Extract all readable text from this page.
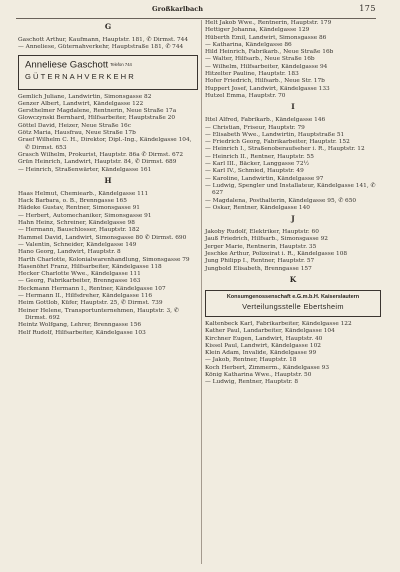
Großkarlbach	175
G
Gaschott Arthur, Kaufmann, Hauptstr. 181, ✆ Dirmst. 744
— Anneliese, Güternahverkehr, Hauptstraße 181, ✆ 744
Anneliese Gaschott Telefon 744
GÜTERNAHVERKEHR
Gemlich Juliane, Landwirtin, Simonsgasse 82
Genzer Albert, Landwirt, Kändelgasse 122
Gersthelmer Magdalene, Rentnerin, Neue Straße 17a
Glowczynski Bernhard, Hilfsarbeiter, Hauptstraße 20
Göttel David, Heizer, Neue Straße 16c
Götz Maria, Hausfrau, Neue Straße 17b
Graef Wilhelm C. H., Direktor, Dipl.-Ing., Kändelgasse 104, ✆ Dirmst. 653
Grasch Wilhelm, Prokurist, Hauptstr. 86a ✆ Dirmst. 672
Grün Heinrich, Landwirt, Hauptstr. 84, ✆ Dirmst. 689
— Heinrich, Straßenwärter, Kändelgasse 161
H
Haas Helmut, Chemiearb., Kändelgasse 111
Hack Barbara, o. B., Brenngasse 165
Hädeke Gustav, Rentner, Simonsgasse 91
— Herbert, Automechaniker, Simonsgasse 91
Hahn Heinz, Schreiner, Kändelgasse 98
— Hermann, Bauschlosser, Hauptstr. 182
Hammel David, Landwirt, Simonsgasse 80 ✆ Dirmst. 690
— Valentin, Schneider, Kändelgasse 149
Hano Georg, Landwirt, Hauptstr. 8
Harth Charlotte, Kolonialwarenhandlung, Simonsgasse 79
Hasenöhrl Franz, Hilfsarbeiter, Kändelgasse 118
Hecker Charlotte Wwe., Kändelgasse 111
— Georg, Fabrikarbeiter, Brenngasse 163
Heckmann Hermann I., Rentner, Kändelgasse 107
— Hermann II., Hilfsdreher, Kändelgasse 116
Heim Gottlob, Küfer, Hauptstr. 25, ✆ Dirmst. 739
Heiner Helene, Transportunternehmen, Hauptstr. 3, ✆ Dirmst. 692
Heintz Wolfgang, Lehrer, Brenngasse 156
Helf Rudolf, Hilfsarbeiter, Kändelgasse 103
Helt Jakob Wwe., Rentnerin, Hauptstr. 179
Hettiger Johanna, Kändelgasse 129
Hüberth Emil, Landwirt, Simonsgasse 86
— Katharina, Kändelgasse 86
Hild Heinrich, Fabrikarb., Neue Straße 16b
— Walter, Hilfsarb., Neue Straße 16b
— Wilhelm, Hilfsarbeiter, Kändelgasse 94
Hitzelter Pauline, Hauptstr. 183
Hofer Friedrich, Hilfsarb., Neue Str. 17b
Huppert Josef, Landwirt, Kändelgasse 133
Hutzel Emma, Hauptstr. 70
I
Ittel Alfred, Fabrikarb., Kändelgasse 146
— Christian, Friseur, Hauptstr. 79
— Elisabeth Wwe., Landwirtin, Hauptstraße 51
— Friedrich Georg, Fabrikarbeiter, Hauptstr. 152
— Heinrich I., Straßenoberaufseher i. R., Hauptstr. 12
— Heinrich II., Rentner, Hauptstr. 55
— Karl III., Bäcker, Langgasse 72½
— Karl IV., Schmied, Hauptstr. 49
— Karoline, Landwirtin, Kändelgasse 97
— Ludwig, Spengler und Installateur, Kändelgasse 141, ✆ 627
— Magdalena, Posthalterin, Kändelgasse 95, ✆ 650
— Oskar, Rentner, Kändelgasse 140
J
Jakoby Rudolf, Elektriker, Hauptstr. 60
Jauß Friedrich, Hilfsarb., Simonsgasse 92
Jerger Marie, Rentnerin, Hauptstr. 35
Jeschke Arthur, Polizeirat i. R., Kändelgasse 108
Jung Philipp I., Rentner, Hauptstr. 57
Jungbold Elisabeth, Brenngasse 157
K
Konsumgenossenschaft e.G.m.b.H. Kaiserslautern
Verteilungsstelle Ebertsheim
Kaltenbeck Karl, Fabrikarbeiter, Kändelgasse 122
Kather Paul, Landarbeiter, Kändelgasse 104
Kirchner Eugen, Landwirt, Hauptstr. 40
Kissel Paul, Landwirt, Kändelgasse 102
Klein Adam, Invalide, Kändelgasse 99
— Jakob, Rentner, Hauptstr. 18
Koch Herbert, Zimmerm., Kändelgasse 93
König Katharina Wwe., Hauptstr. 50
— Ludwig, Rentner, Hauptstr. 8
